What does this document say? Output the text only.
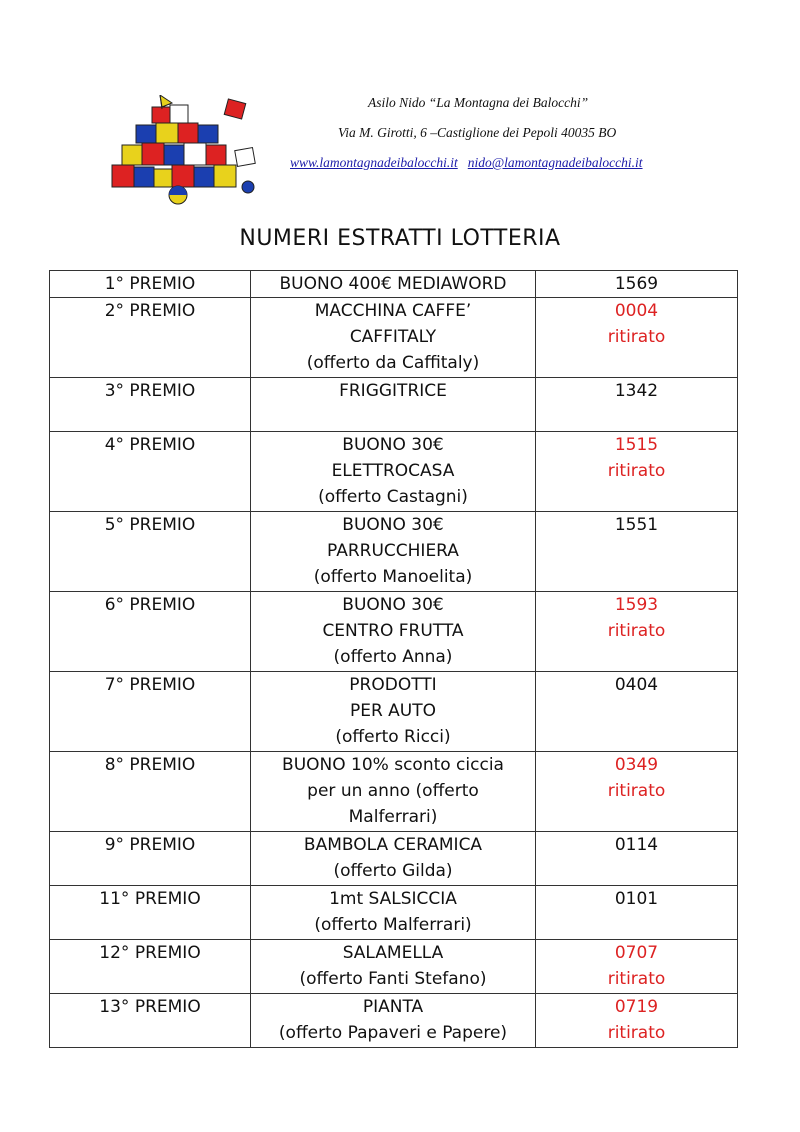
Asilo Nido “La Montagna dei Balocchi”
Via M. Girotti, 6 –Castiglione dei Pepoli 40035 BO
www.lamontagnadeibalocchi.it nido@lamontagnadeibalocchi.it
NUMERI ESTRATTI LOTTERIA
1° PREMIO	BUONO 400€ MEDIAWORD	1569

2° PREMIO	MACCHINA CAFFE’
CAFFITALY
(offerto da Caffitaly)	0004
ritirato

3° PREMIO	FRIGGITRICE	1342

4° PREMIO	BUONO 30€
ELETTROCASA
(offerto Castagni)	1515
ritirato

5° PREMIO	BUONO 30€
PARRUCCHIERA
(offerto Manoelita)	1551

6° PREMIO	BUONO 30€
CENTRO FRUTTA
(offerto Anna)	1593
ritirato

7° PREMIO	PRODOTTI
PER AUTO
(offerto Ricci)	0404

8° PREMIO	BUONO 10% sconto ciccia
per un anno (offerto
Malferrari)	0349
ritirato

9° PREMIO	BAMBOLA CERAMICA
(offerto Gilda)	0114

11° PREMIO	1mt SALSICCIA
(offerto Malferrari)	0101

12° PREMIO	SALAMELLA
(offerto Fanti Stefano)	0707
ritirato

13° PREMIO	PIANTA
(offerto Papaveri e Papere)	0719
ritirato
